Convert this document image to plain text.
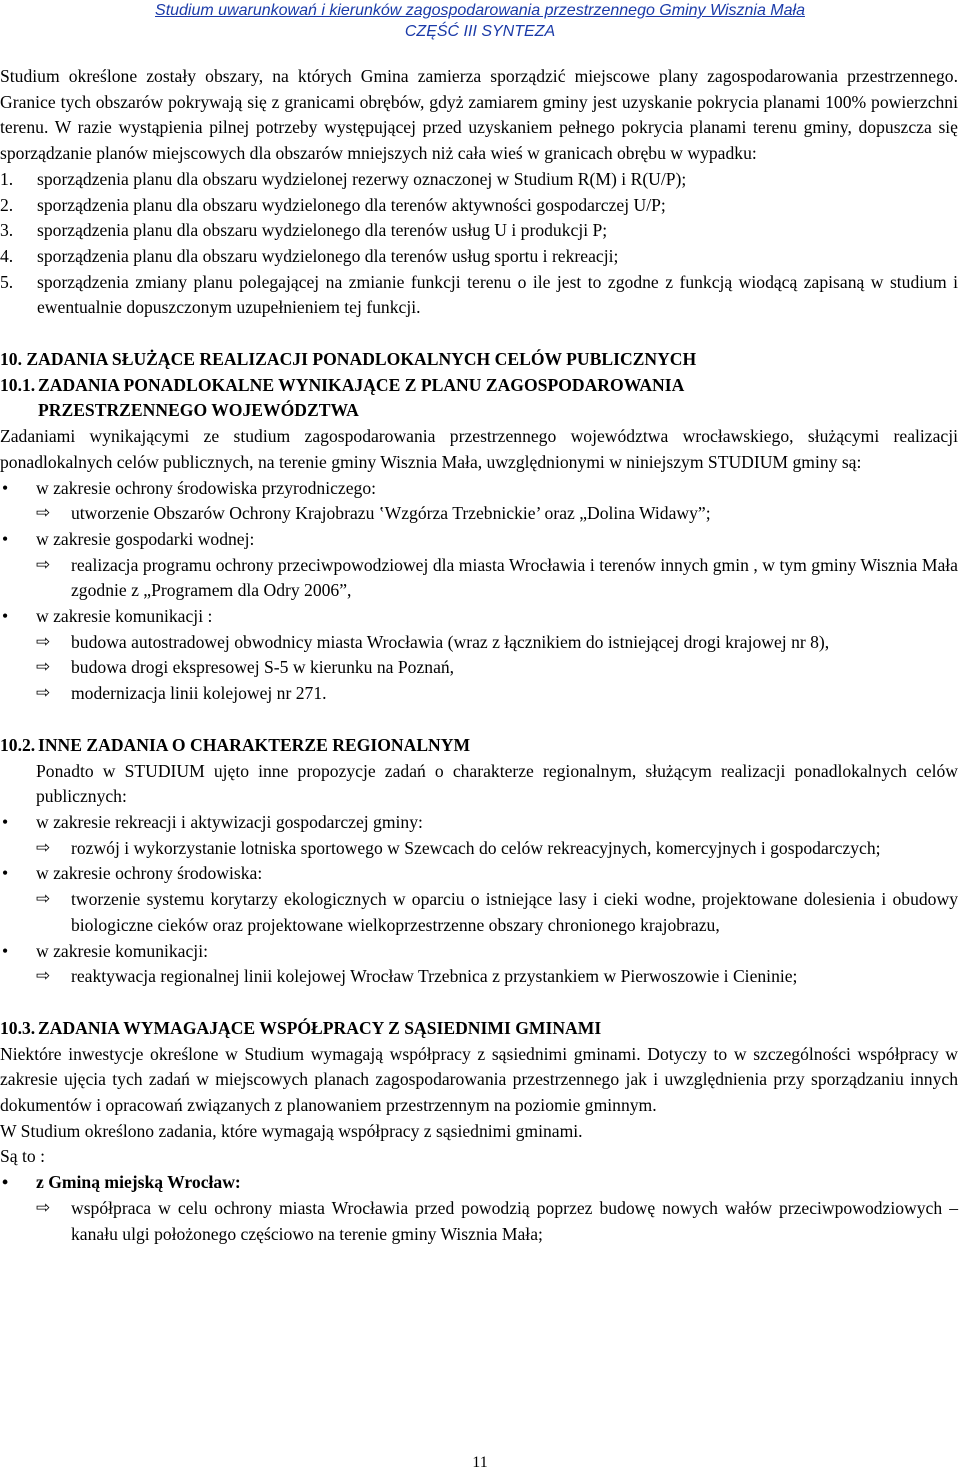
Studium uwarunkowań i kierunków zagospodarowania przestrzennego Gminy Wisznia Mała
CZĘŚĆ III SYNTEZA

Studium określone zostały obszary, na których Gmina zamierza sporządzić miejscowe plany zagospodarowania przestrzennego. Granice tych obszarów pokrywają się z granicami obrębów, gdyż zamiarem gminy jest uzyskanie pokrycia planami 100% powierzchni terenu. W razie wystąpienia pilnej potrzeby występującej przed uzyskaniem pełnego pokrycia planami terenu gminy, dopuszcza się sporządzanie planów miejscowych dla obszarów mniejszych niż cała wieś w granicach obrębu w wypadku:

1. sporządzenia planu dla obszaru wydzielonej rezerwy oznaczonej w Studium R(M) i R(U/P);

2. sporządzenia planu dla obszaru wydzielonego dla terenów aktywności gospodarczej U/P;

3. sporządzenia planu dla obszaru wydzielonego dla terenów usług U i produkcji P;

4. sporządzenia planu dla obszaru wydzielonego dla terenów usług sportu i rekreacji;

5. sporządzenia zmiany planu polegającej na zmianie funkcji terenu o ile jest to zgodne z funkcją wiodącą zapisaną w studium i ewentualnie dopuszczonym uzupełnieniem tej funkcji.

10. ZADANIA SŁUŻĄCE REALIZACJI PONADLOKALNYCH CELÓW PUBLICZNYCH

10.1. ZADANIA PONADLOKALNE WYNIKAJĄCE Z PLANU ZAGOSPODAROWANIA
PRZESTRZENNEGO WOJEWÓDZTWA

Zadaniami wynikającymi ze studium zagospodarowania przestrzennego województwa wrocławskiego, służącymi realizacji ponadlokalnych celów publicznych, na terenie gminy Wisznia Mała, uwzględnionymi w niniejszym STUDIUM gminy są:

• w zakresie ochrony środowiska przyrodniczego:

⇨ utworzenie Obszarów Ochrony Krajobrazu ‛Wzgórza Trzebnickie’ oraz „Dolina Widawy”;

• w zakresie gospodarki wodnej:

⇨ realizacja programu ochrony przeciwpowodziowej dla miasta Wrocławia i terenów innych gmin , w tym gminy Wisznia Mała zgodnie z „Programem dla Odry 2006”,

• w zakresie komunikacji :

⇨ budowa autostradowej obwodnicy miasta Wrocławia (wraz z łącznikiem do istniejącej drogi krajowej nr 8),

⇨ budowa drogi ekspresowej S-5 w kierunku na Poznań,

⇨ modernizacja linii kolejowej nr 271.

10.2. INNE ZADANIA O CHARAKTERZE REGIONALNYM

Ponadto w STUDIUM ujęto inne propozycje zadań o charakterze regionalnym, służącym realizacji ponadlokalnych celów publicznych:

• w zakresie rekreacji i aktywizacji gospodarczej gminy:

⇨ rozwój i wykorzystanie lotniska sportowego w Szewcach do celów rekreacyjnych, komercyjnych i gospodarczych;

• w zakresie ochrony środowiska:

⇨ tworzenie systemu korytarzy ekologicznych w oparciu o istniejące lasy i cieki wodne, projektowane dolesienia i obudowy biologiczne cieków oraz projektowane wielkoprzestrzenne obszary chronionego krajobrazu,

• w zakresie komunikacji:

⇨ reaktywacja regionalnej linii kolejowej Wrocław Trzebnica z przystankiem w Pierwoszowie i Cieninie;

10.3. ZADANIA WYMAGAJĄCE WSPÓŁPRACY Z SĄSIEDNIMI GMINAMI

Niektóre inwestycje określone w Studium wymagają współpracy z sąsiednimi gminami. Dotyczy to w szczególności współpracy w zakresie ujęcia tych zadań w miejscowych planach zagospodarowania przestrzennego jak i uwzględnienia przy sporządzaniu innych dokumentów i opracowań związanych z planowaniem przestrzennym na poziomie gminnym.

W Studium określono zadania, które wymagają współpracy z sąsiednimi gminami.

Są to :

• z Gminą miejską Wrocław:

⇨ współpraca w celu ochrony miasta Wrocławia przed powodzią poprzez budowę nowych wałów przeciwpowodziowych – kanału ulgi położonego częściowo na terenie gminy Wisznia Mała;

11
